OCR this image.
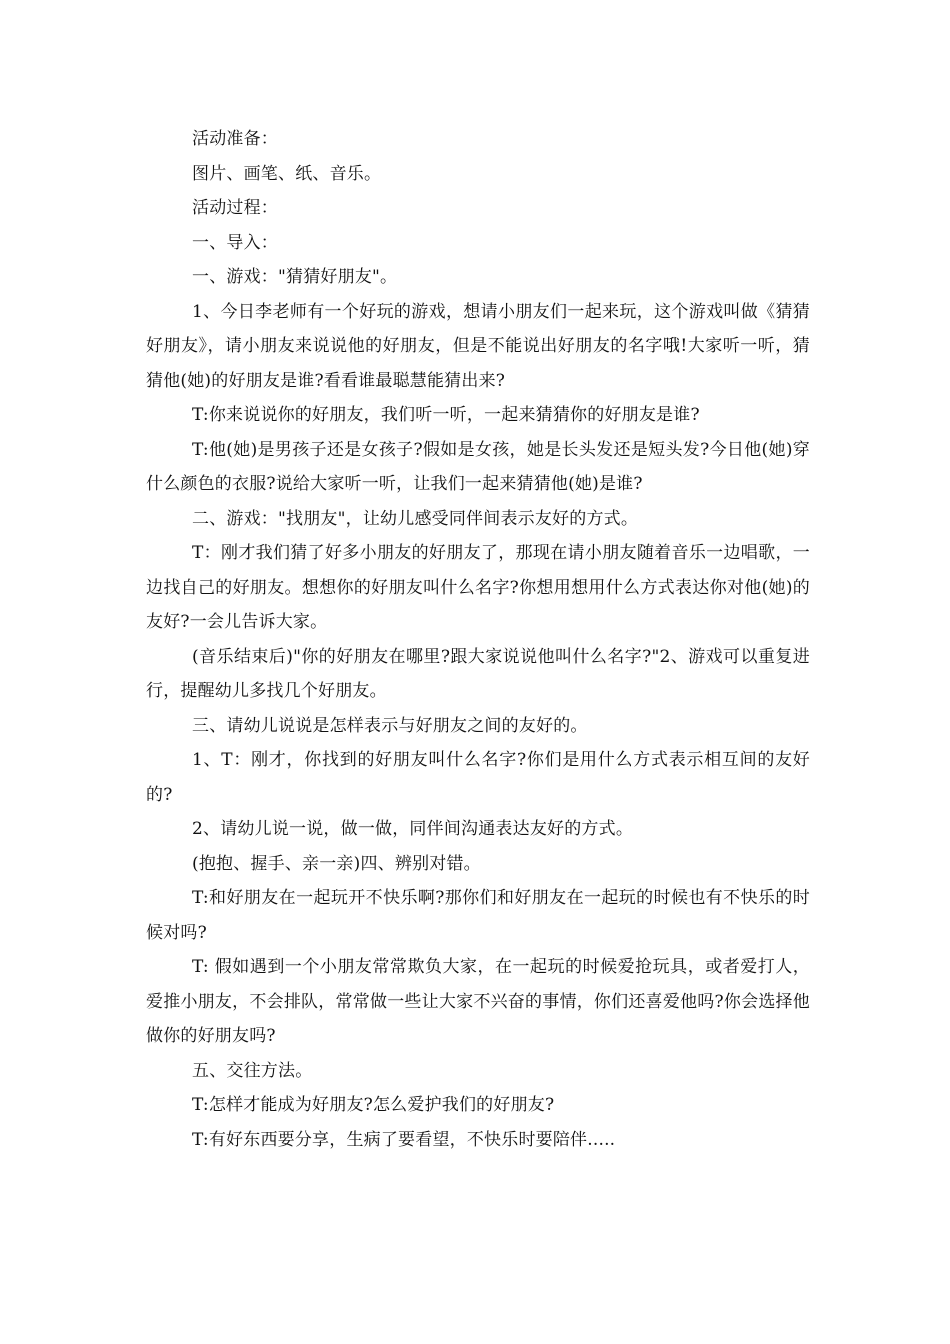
活动准备：

图片、画笔、纸、音乐。

活动过程：

一、导入：

一、游戏："猜猜好朋友"。

1、今日李老师有一个好玩的游戏，想请小朋友们一起来玩，这个游戏叫做《猜猜好朋友》，请小朋友来说说他的好朋友，但是不能说出好朋友的名字哦!大家听一听，猜猜他(她)的好朋友是谁?看看谁最聪慧能猜出来?

T:你来说说你的好朋友，我们听一听，一起来猜猜你的好朋友是谁?

T:他(她)是男孩子还是女孩子?假如是女孩，她是长头发还是短头发?今日他(她)穿什么颜色的衣服?说给大家听一听，让我们一起来猜猜他(她)是谁?

二、游戏："找朋友"，让幼儿感受同伴间表示友好的方式。

T：刚才我们猜了好多小朋友的好朋友了，那现在请小朋友随着音乐一边唱歌，一边找自己的好朋友。想想你的好朋友叫什么名字?你想用想用什么方式表达你对他(她)的友好?一会儿告诉大家。

(音乐结束后)"你的好朋友在哪里?跟大家说说他叫什么名字?"2、游戏可以重复进行，提醒幼儿多找几个好朋友。

三、请幼儿说说是怎样表示与好朋友之间的友好的。

1、T：刚才，你找到的好朋友叫什么名字?你们是用什么方式表示相互间的友好的?

2、请幼儿说一说，做一做，同伴间沟通表达友好的方式。

(抱抱、握手、亲一亲)四、辨别对错。

T:和好朋友在一起玩开不快乐啊?那你们和好朋友在一起玩的时候也有不快乐的时候对吗?

T: 假如遇到一个小朋友常常欺负大家，在一起玩的时候爱抢玩具，或者爱打人，爱推小朋友，不会排队，常常做一些让大家不兴奋的事情，你们还喜爱他吗?你会选择他做你的好朋友吗?

五、交往方法。

T:怎样才能成为好朋友?怎么爱护我们的好朋友?

T:有好东西要分享，生病了要看望，不快乐时要陪伴.....
